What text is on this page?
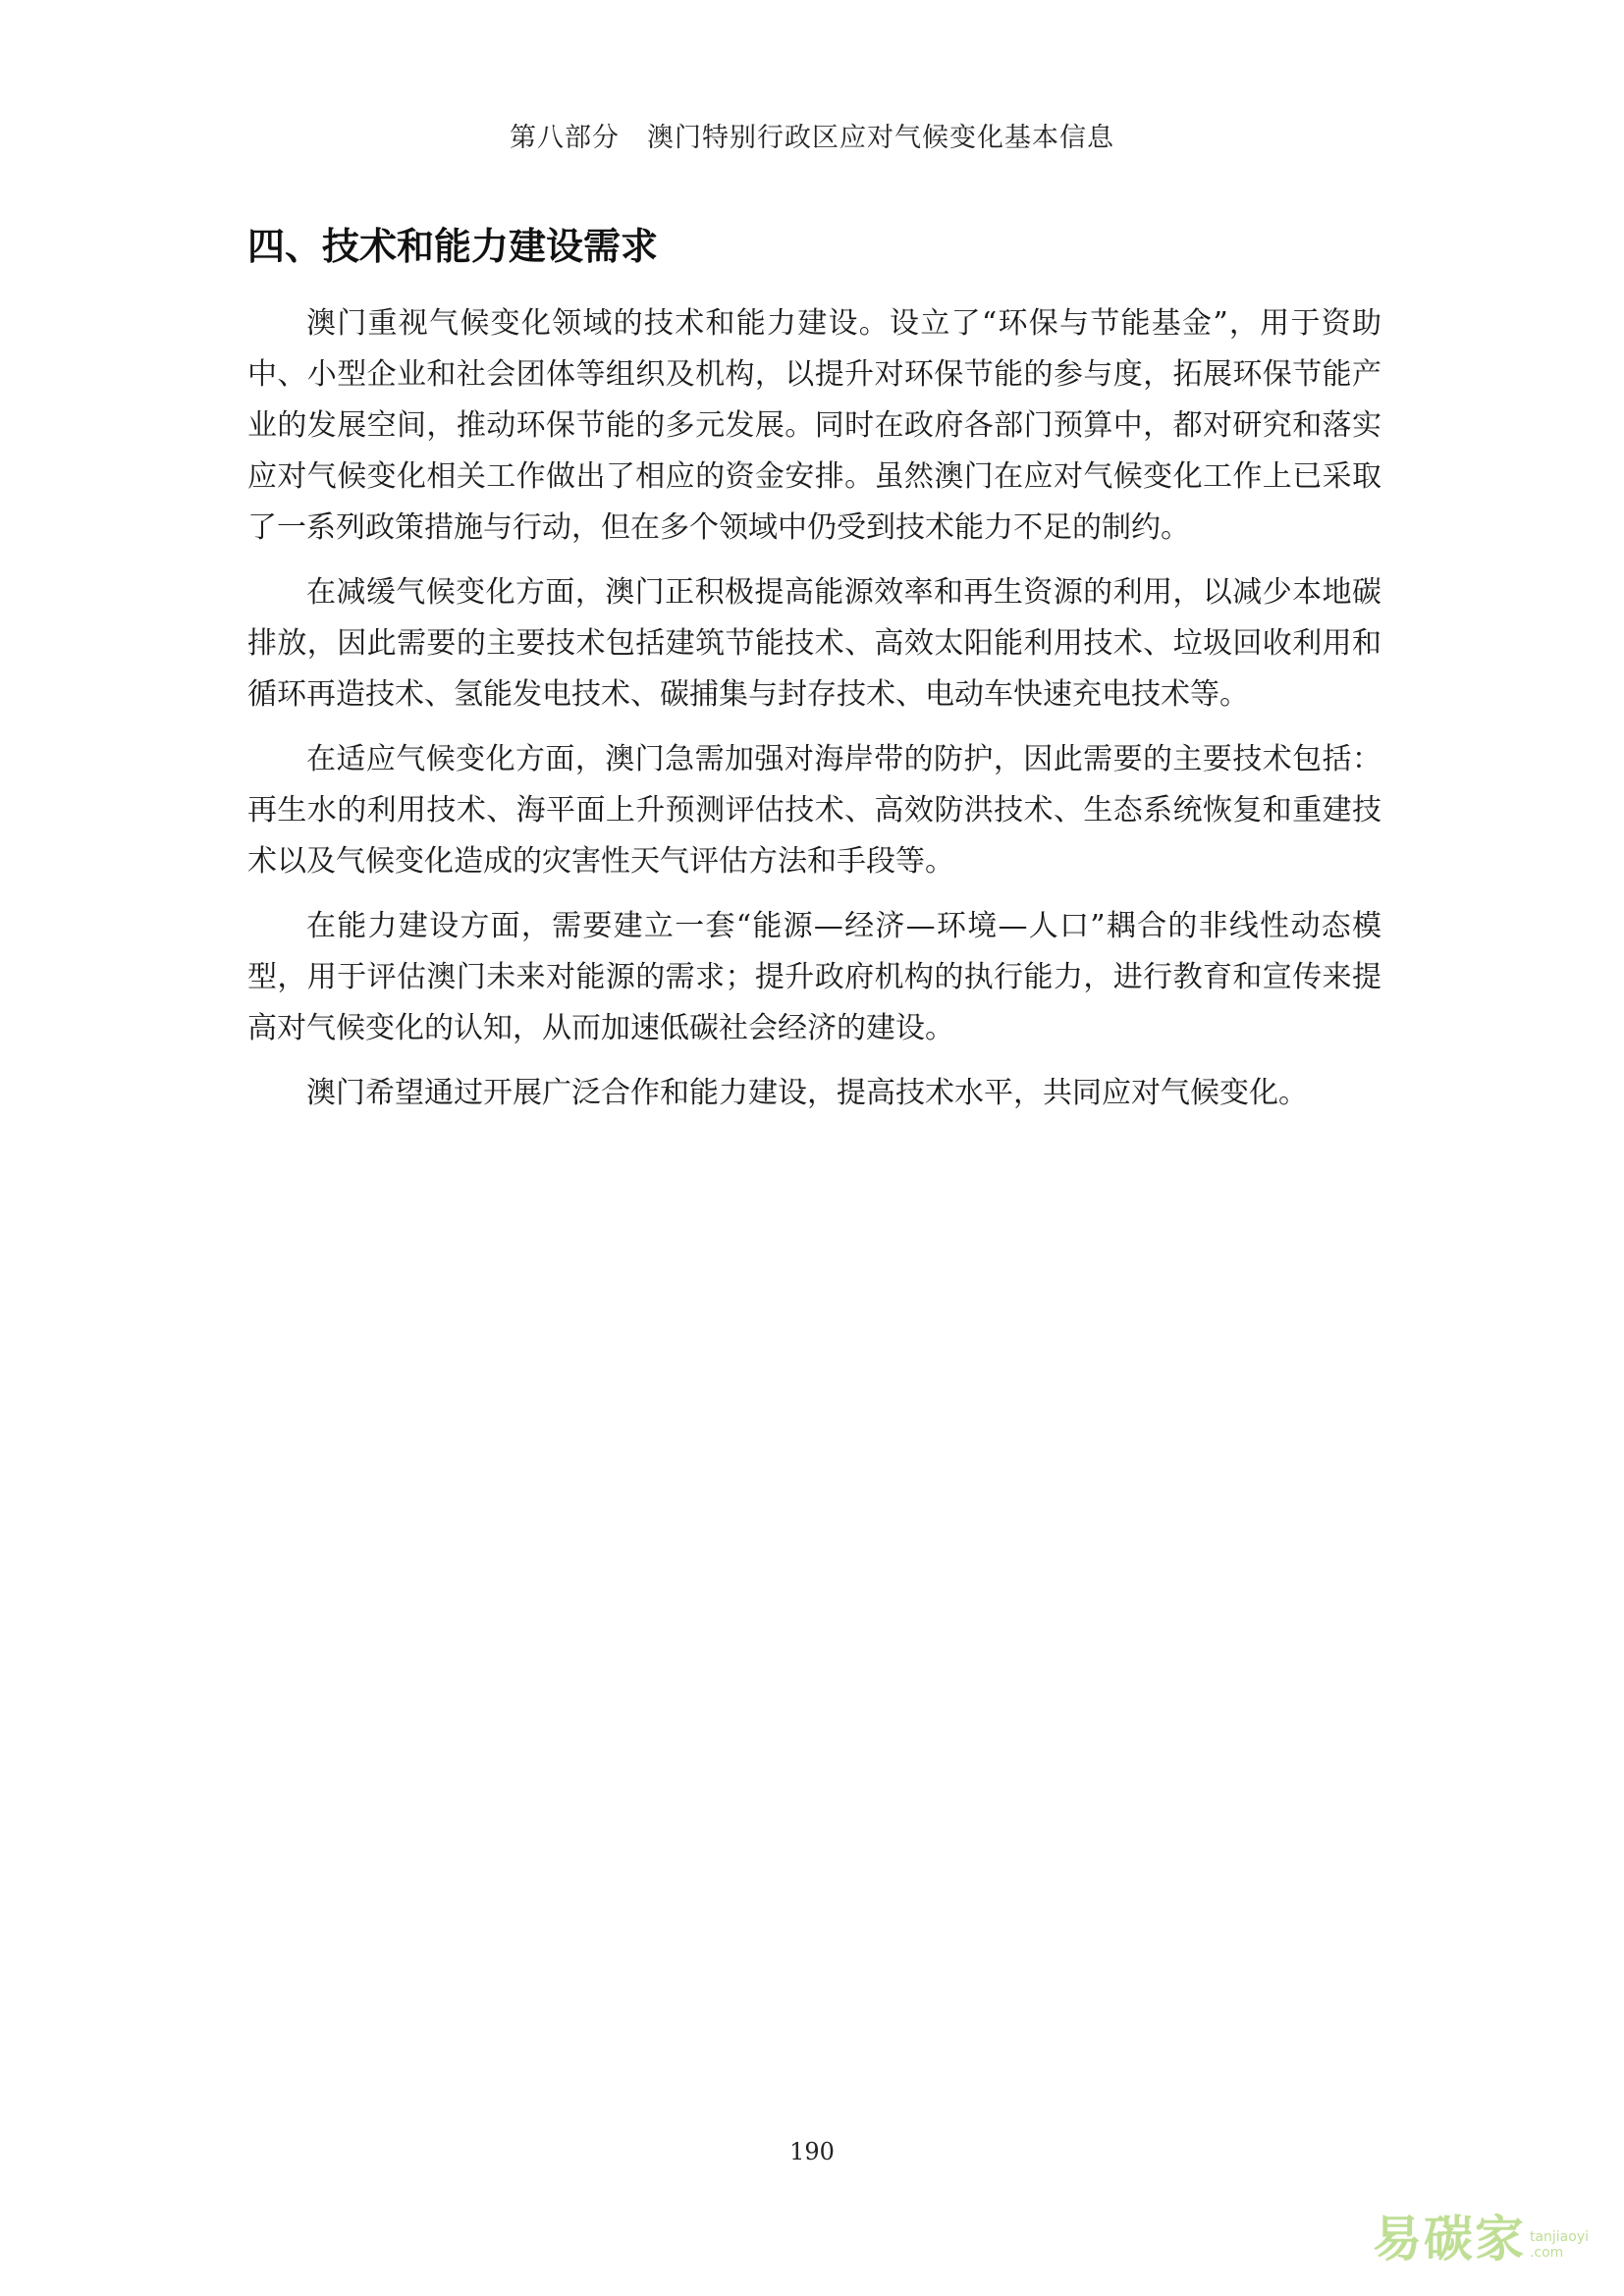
第八部分　澳门特别行政区应对气候变化基本信息
四、技术和能力建设需求

澳门重视气候变化领域的技术和能力建设。设立了“环保与节能基金”，用于资助中、小型企业和社会团体等组织及机构，以提升对环保节能的参与度，拓展环保节能产业的发展空间，推动环保节能的多元发展。同时在政府各部门预算中，都对研究和落实应对气候变化相关工作做出了相应的资金安排。虽然澳门在应对气候变化工作上已采取了一系列政策措施与行动，但在多个领域中仍受到技术能力不足的制约。

在减缓气候变化方面，澳门正积极提高能源效率和再生资源的利用，以减少本地碳排放，因此需要的主要技术包括建筑节能技术、高效太阳能利用技术、垃圾回收利用和循环再造技术、氢能发电技术、碳捕集与封存技术、电动车快速充电技术等。

在适应气候变化方面，澳门急需加强对海岸带的防护，因此需要的主要技术包括：再生水的利用技术、海平面上升预测评估技术、高效防洪技术、生态系统恢复和重建技术以及气候变化造成的灾害性天气评估方法和手段等。

在能力建设方面，需要建立一套“能源—经济—环境—人口”耦合的非线性动态模型，用于评估澳门未来对能源的需求；提升政府机构的执行能力，进行教育和宣传来提高对气候变化的认知，从而加速低碳社会经济的建设。

澳门希望通过开展广泛合作和能力建设，提高技术水平，共同应对气候变化。

190
易碳家 tanjiaoyi
.com
